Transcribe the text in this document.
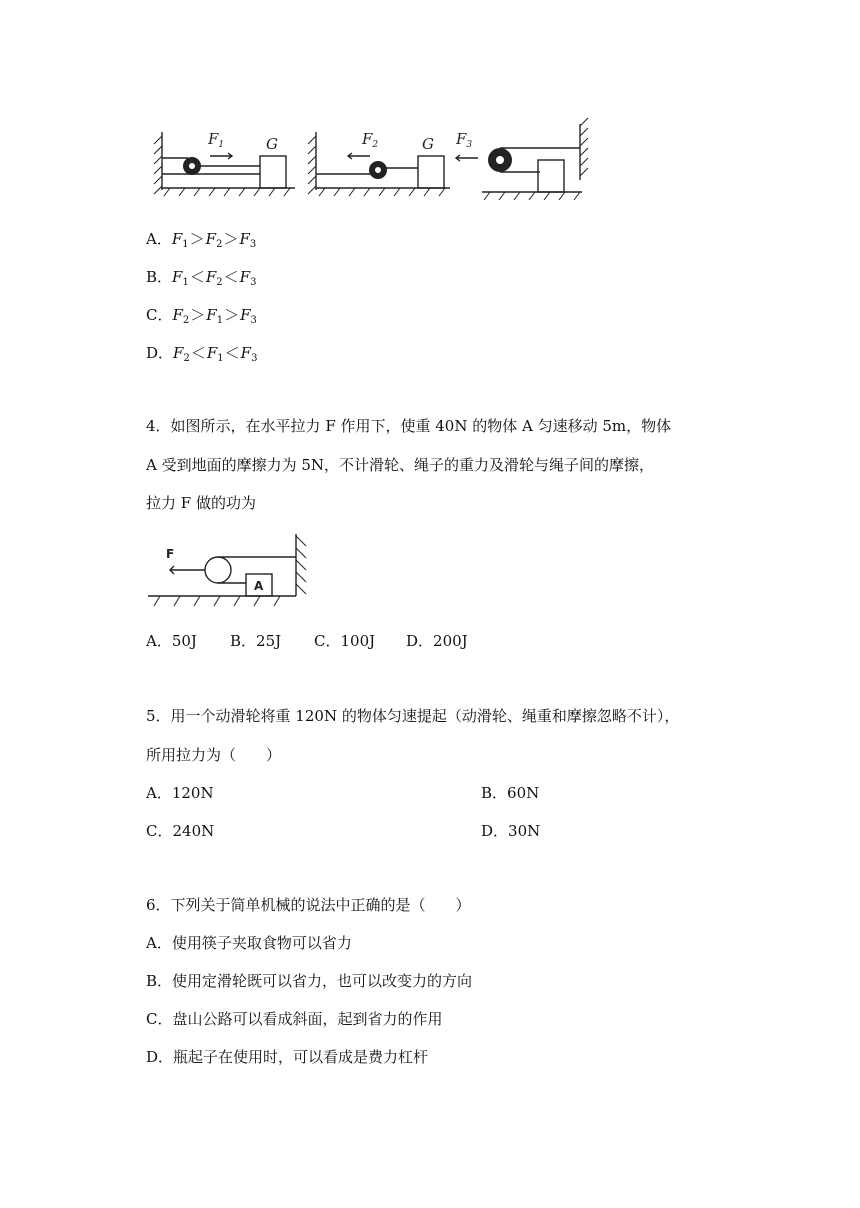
$F_1$	G	$F_2$	G $F_3$
A．$F_1>F_2>F_3$
B．$F_1<F_2<F_3$
C．$F_2>F_1>F_3$
D．$F_2<F_1<F_3$
4．如图所示，在水平拉力 F 作用下，使重 40N 的物体 A 匀速移动 5m，物体
A 受到地面的摩擦力为 5N，不计滑轮、绳子的重力及滑轮与绳子间的摩擦，
拉力 F 做的功为
F
A
A．50J B．25J C．100J D．200J
5．用一个动滑轮将重 120N 的物体匀速提起（动滑轮、绳重和摩擦忽略不计），
所用拉力为（　　）
A．120N	B．60N
C．240N	D．30N
6．下列关于简单机械的说法中正确的是（　　）
A．使用筷子夹取食物可以省力
B．使用定滑轮既可以省力，也可以改变力的方向
C．盘山公路可以看成斜面，起到省力的作用
D．瓶起子在使用时，可以看成是费力杠杆
